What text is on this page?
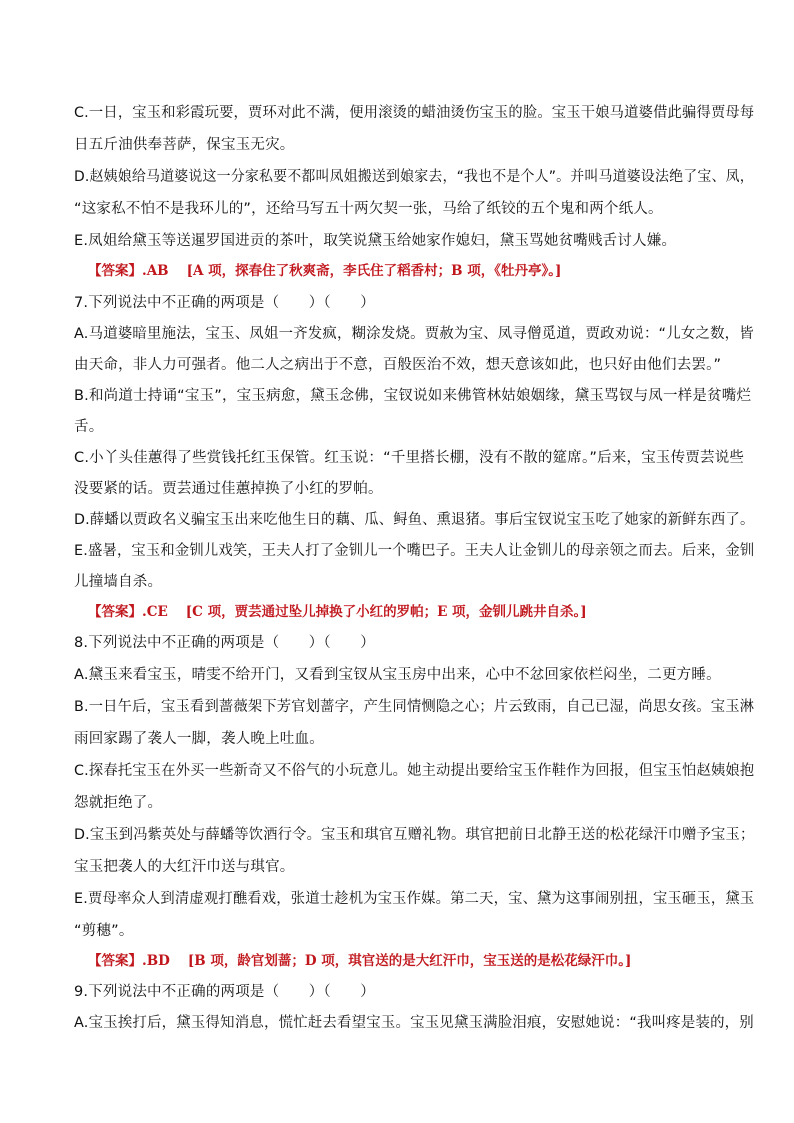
C.一日，宝玉和彩霞玩要，贾环对此不满，便用滚烫的蜡油烫伤宝玉的脸。宝玉干娘马道婆借此骗得贾母每
日五斤油供奉菩萨，保宝玉无灾。
D.赵姨娘给马道婆说这一分家私要不都叫凤姐搬送到娘家去，“我也不是个人”。并叫马道婆设法绝了宝、凤，
“这家私不怕不是我环儿的”，还给马写五十两欠契一张，马给了纸铰的五个鬼和两个纸人。
E.凤姐给黛玉等送暹罗国进贡的茶叶，取笑说黛玉给她家作媳妇，黛玉骂她贫嘴贱舌讨人嫌。
【答案】.AB [A 项，探春住了秋爽斋，李氏住了稻香村；B 项，《牡丹亭》。]
7.下列说法中不正确的两项是（　　）（　　）
A.马道婆暗里施法，宝玉、凤姐一齐发疯，糊涂发烧。贾赦为宝、凤寻僧觅道，贾政劝说：“儿女之数，皆
由天命，非人力可强者。他二人之病出于不意，百般医治不效，想天意该如此，也只好由他们去罢。”
B.和尚道士持诵“宝玉”，宝玉病愈，黛玉念佛，宝钗说如来佛管林姑娘姻缘，黛玉骂钗与凤一样是贫嘴烂
舌。
C.小丫头佳蕙得了些赏钱托红玉保管。红玉说：“千里搭长棚，没有不散的筵席。”后来，宝玉传贾芸说些
没要紧的话。贾芸通过佳蕙掉换了小红的罗帕。
D.薛蟠以贾政名义骗宝玉出来吃他生日的藕、瓜、鲟鱼、熏退猪。事后宝钗说宝玉吃了她家的新鲜东西了。
E.盛暑，宝玉和金钏儿戏笑，王夫人打了金钏儿一个嘴巴子。王夫人让金钏儿的母亲领之而去。后来，金钏
儿撞墙自杀。
【答案】.CE [C 项，贾芸通过坠儿掉换了小红的罗帕；E 项，金钏儿跳井自杀。]
8.下列说法中不正确的两项是（　　）（　　）
A.黛玉来看宝玉，晴雯不给开门，又看到宝钗从宝玉房中出来，心中不忿回家依栏闷坐，二更方睡。
B.一日午后，宝玉看到蔷薇架下芳官划蔷字，产生同情恻隐之心；片云致雨，自己已湿，尚思女孩。宝玉淋
雨回家踢了袭人一脚，袭人晚上吐血。
C.探春托宝玉在外买一些新奇又不俗气的小玩意儿。她主动提出要给宝玉作鞋作为回报，但宝玉怕赵姨娘抱
怨就拒绝了。
D.宝玉到冯紫英处与薛蟠等饮酒行令。宝玉和琪官互赠礼物。琪官把前日北静王送的松花绿汗巾赠予宝玉；
宝玉把袭人的大红汗巾送与琪官。
E.贾母率众人到清虚观打醮看戏，张道士趁机为宝玉作媒。第二天，宝、黛为这事闹别扭，宝玉砸玉，黛玉
“剪穗”。
【答案】.BD [B 项，龄官划蔷；D 项，琪官送的是大红汗巾，宝玉送的是松花绿汗巾。]
9.下列说法中不正确的两项是（　　）（　　）
A.宝玉挨打后，黛玉得知消息，慌忙赶去看望宝玉。宝玉见黛玉满脸泪痕，安慰她说：“我叫疼是装的，别
